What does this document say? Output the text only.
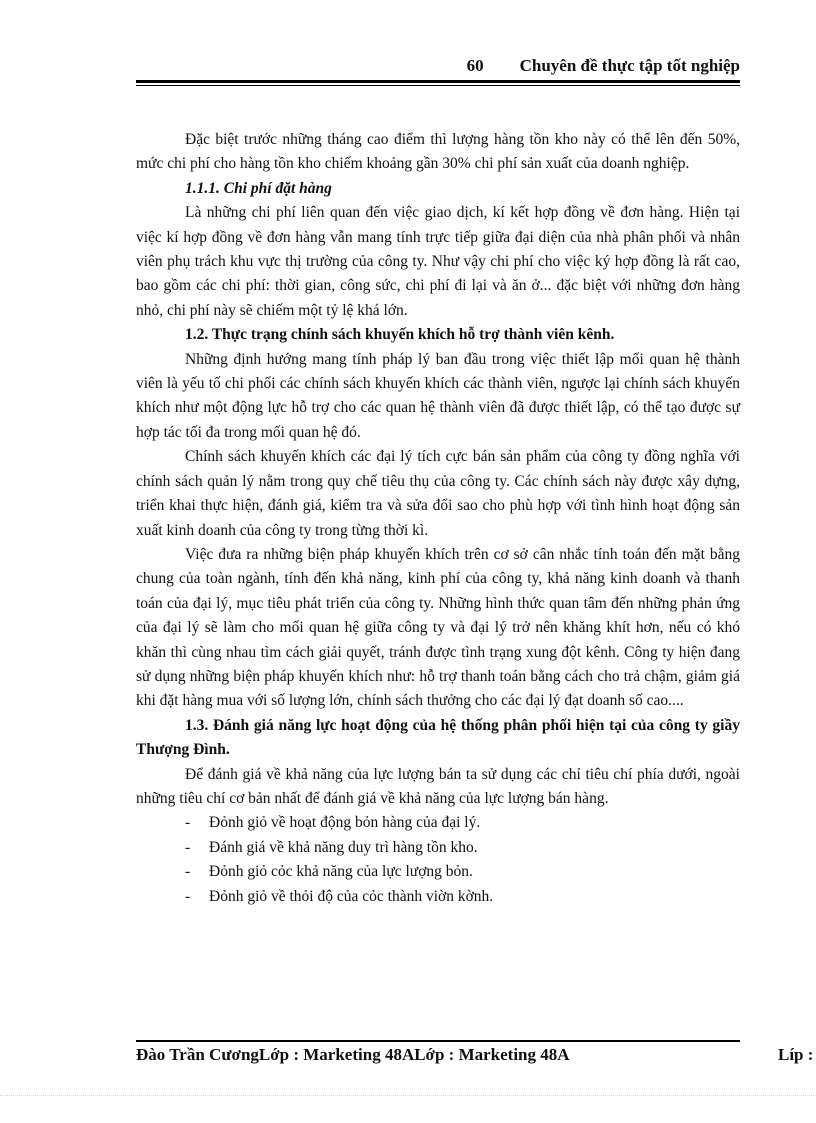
60 Chuyên đề thực tập tốt nghiệp

Đặc biệt trước những tháng cao điểm thì lượng hàng tồn kho này có thể lên đến 50%, mức chi phí cho hàng tồn kho chiếm khoảng gần 30% chi phí sản xuất của doanh nghiệp.

1.1.1. Chi phí đặt hàng

Là những chi phí liên quan đến việc giao dịch, kí kết hợp đồng về đơn hàng. Hiện tại việc kí hợp đồng về đơn hàng vẫn mang tính trực tiếp giữa đại diện của nhà phân phối và nhân viên phụ trách khu vực thị trường của công ty. Như vậy chi phí cho việc ký hợp đồng là rất cao, bao gồm các chi phí: thời gian, công sức, chi phí đi lại và ăn ở... đặc biệt với những đơn hàng nhỏ, chi phí này sẽ chiếm một tỷ lệ khá lớn.

1.2. Thực trạng chính sách khuyến khích hỗ trợ thành viên kênh.

Những định hướng mang tính pháp lý ban đầu trong việc thiết lập mối quan hệ thành viên là yếu tố chi phối các chính sách khuyến khích các thành viên, ngược lại chính sách khuyến khích như một động lực hỗ trợ cho các quan hệ thành viên đã được thiết lập, có thể tạo được sự hợp tác tối đa trong mối quan hệ đó.

Chính sách khuyến khích các đại lý tích cực bán sản phẩm của công ty đồng nghĩa với chính sách quản lý nằm trong quy chế tiêu thụ của công ty. Các chính sách này được xây dựng, triển khai thực hiện, đánh giá, kiểm tra và sửa đổi sao cho phù hợp với tình hình hoạt động sản xuất kinh doanh của công ty trong từng thời kì.

Việc đưa ra những biện pháp khuyến khích trên cơ sở cân nhắc tính toán đến mặt bằng chung của toàn ngành, tính đến khả năng, kinh phí của công ty, khả năng kinh doanh và thanh toán của đại lý, mục tiêu phát triển của công ty. Những hình thức quan tâm đến những phản ứng của đại lý sẽ làm cho mối quan hệ giữa công ty và đại lý trở nên khăng khít hơn, nếu có khó khăn thì cùng nhau tìm cách giải quyết, tránh được tình trạng xung đột kênh. Công ty hiện đang sử dụng những biện pháp khuyến khích như: hỗ trợ thanh toán bằng cách cho trả chậm, giảm giá khi đặt hàng mua với số lượng lớn, chính sách thưởng cho các đại lý đạt doanh số cao....

1.3. Đánh giá năng lực hoạt động của hệ thống phân phối hiện tại của công ty giầy Thượng Đình.

Để đánh giá về khả năng của lực lượng bán ta sử dụng các chỉ tiêu chí phía dưới, ngoài những tiêu chí cơ bản nhất để đánh giá về khả năng của lực lượng bán hàng.

- Đỏnh giỏ về hoạt động bỏn hàng của đại lý.
- Đánh giá về khả năng duy trì hàng tồn kho.
- Đỏnh giỏ cỏc khả năng của lực lượng bỏn.
- Đỏnh giỏ về thỏi độ của cỏc thành viờn kờnh.
Đào Trần CươngLớp : Marketing 48ALớp : Marketing 48A	Líp :
